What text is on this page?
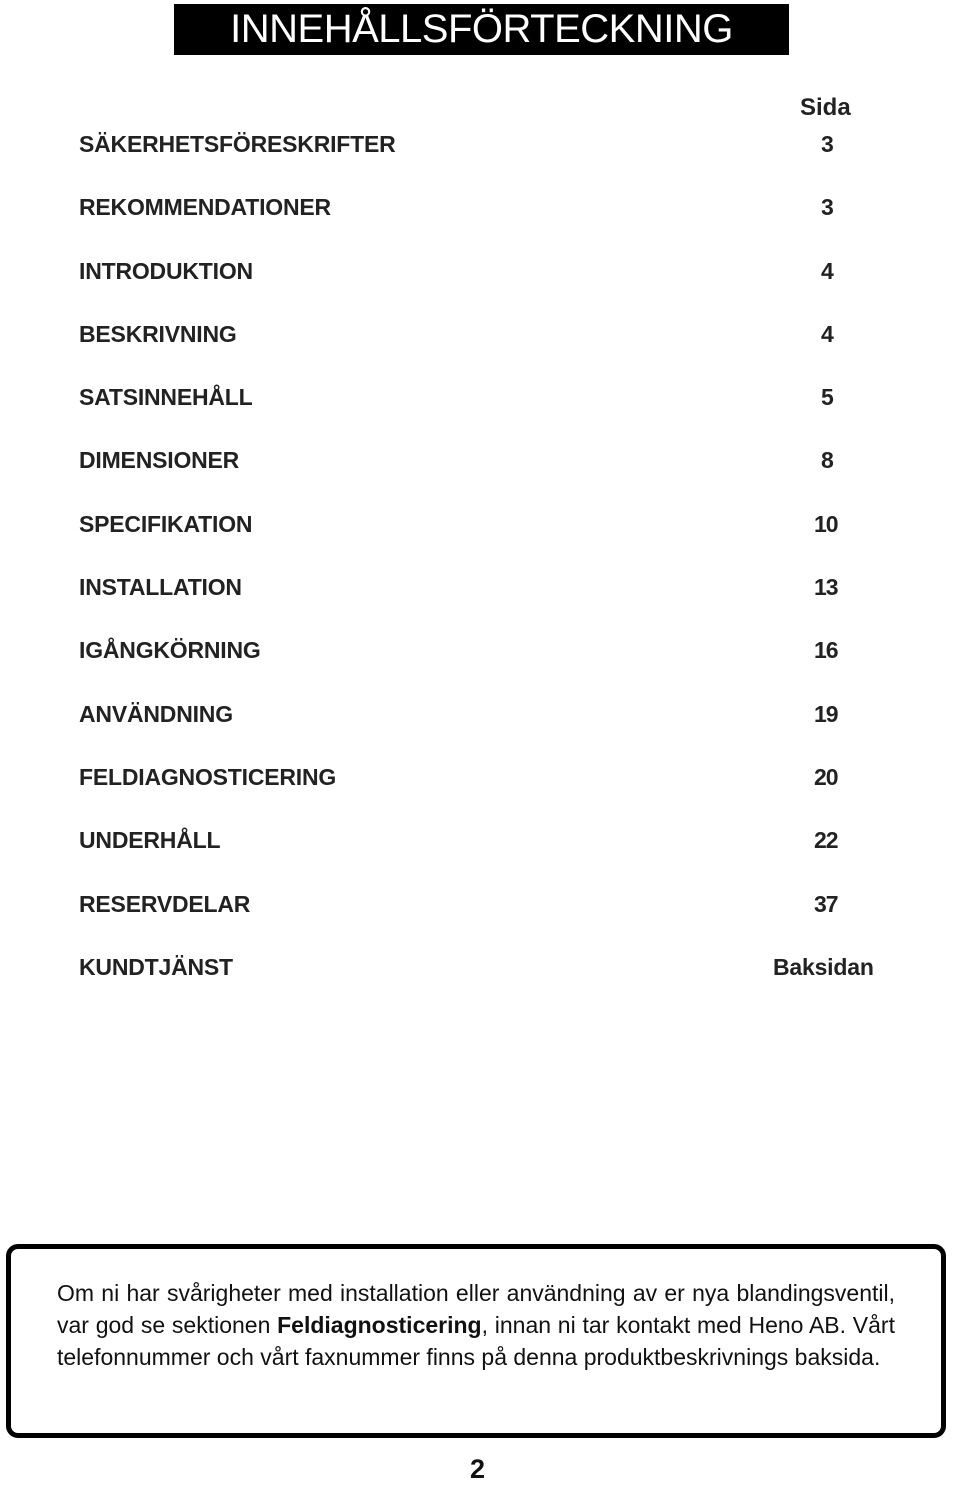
INNEHÅLLSFÖRTECKNING
Sida
SÄKERHETSFÖRESKRIFTER	3
REKOMMENDATIONER	3
INTRODUKTION	4
BESKRIVNING	4
SATSINNEHÅLL	5
DIMENSIONER	8
SPECIFIKATION	10
INSTALLATION	13
IGÅNGKÖRNING	16
ANVÄNDNING	19
FELDIAGNOSTICERING	20
UNDERHÅLL	22
RESERVDELAR	37
KUNDTJÄNST	Baksidan

Om ni har svårigheter med installation eller användning av er nya blandingsventil, var god se sektionen Feldiagnosticering, innan ni tar kontakt med Heno AB. Vårt telefonnummer och vårt faxnummer finns på denna produktbeskrivnings baksida.

2
